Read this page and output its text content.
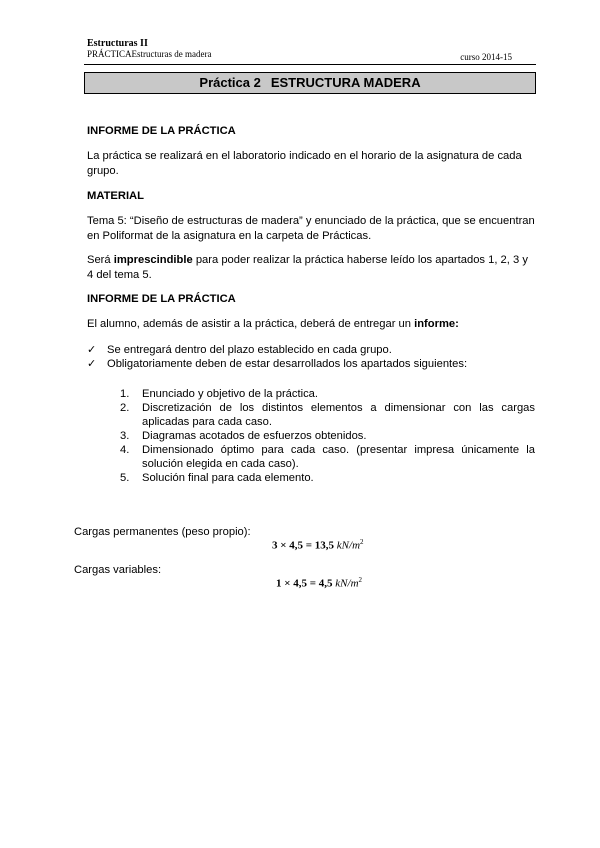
Estructuras II
PRÁCTICAEstructuras de madera	curso 2014-15
Práctica 2 ESTRUCTURA MADERA
INFORME DE LA PRÁCTICA
La práctica se realizará en el laboratorio indicado en el horario de la asignatura de cada grupo.
MATERIAL
Tema 5: “Diseño de estructuras de madera” y enunciado de la práctica, que se encuentran en Poliformat de la asignatura en la carpeta de Prácticas.
Será imprescindible para poder realizar la práctica haberse leído los apartados 1, 2, 3 y 4 del tema 5.
INFORME DE LA PRÁCTICA
El alumno, además de asistir a la práctica, deberá de entregar un informe:
✓ Se entregará dentro del plazo establecido en cada grupo.
✓ Obligatoriamente deben de estar desarrollados los apartados siguientes:
1.	Enunciado y objetivo de la práctica.
2.	Discretización de los distintos elementos a dimensionar con las cargas aplicadas para cada caso.
3.	Diagramas acotados de esfuerzos obtenidos.
4.	Dimensionado óptimo para cada caso. (presentar impresa únicamente la solución elegida en cada caso).
5.	Solución final para cada elemento.
Cargas permanentes (peso propio):
3 × 4,5 = 13,5 $kN/m^2$
Cargas variables:
1 × 4,5 = 4,5 $kN/m^2$
